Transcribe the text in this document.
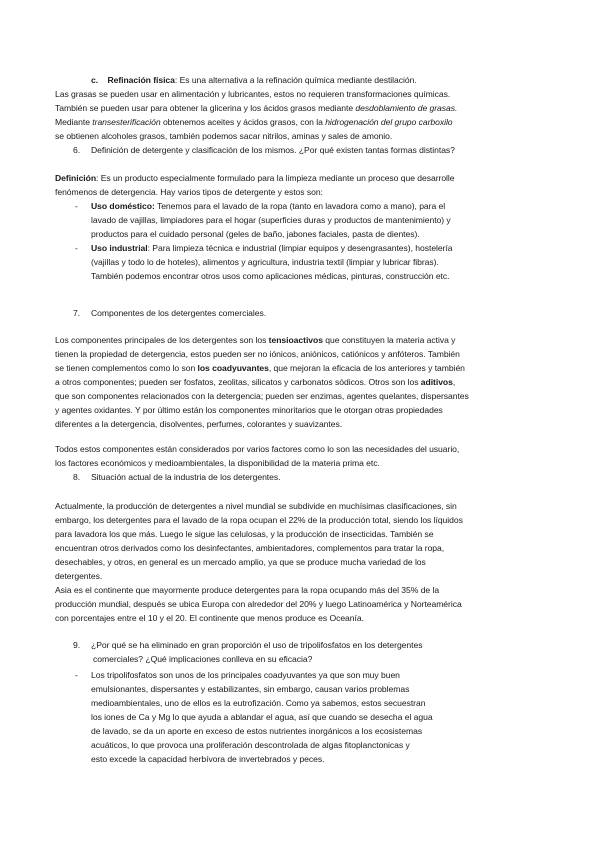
c. Refinación física: Es una alternativa a la refinación química mediante destilación.
Las grasas se pueden usar en alimentación y lubricantes, estos no requieren transformaciones químicas.
También se pueden usar para obtener la glicerina y los ácidos grasos mediante desdoblamiento de grasas.
Mediante transesterificación obtenemos aceites y ácidos grasos, con la hidrogenación del grupo carboxilo
se obtienen alcoholes grasos, también podemos sacar nitrilos, aminas y sales de amonio.
6. Definición de detergente y clasificación de los mismos. ¿Por qué existen tantas formas distintas?
Definición: Es un producto especialmente formulado para la limpieza mediante un proceso que desarrolle
fenómenos de detergencia. Hay varios tipos de detergente y estos son:
- Uso doméstico: Tenemos para el lavado de la ropa (tanto en lavadora como a mano), para el
lavado de vajillas, limpiadores para el hogar (superficies duras y productos de mantenimiento) y
productos para el cuidado personal (geles de baño, jabones faciales, pasta de dientes).
- Uso industrial: Para limpieza técnica e industrial (limpiar equipos y desengrasantes), hostelería
(vajillas y todo lo de hoteles), alimentos y agricultura, industria textil (limpiar y lubricar fibras).
También podemos encontrar otros usos como aplicaciones médicas, pinturas, construcción etc.
7. Componentes de los detergentes comerciales.
Los componentes principales de los detergentes son los tensioactivos que constituyen la materia activa y
tienen la propiedad de detergencia, estos pueden ser no iónicos, aniónicos, catiónicos y anfóteros. También
se tienen complementos como lo son los coadyuvantes, que mejoran la eficacia de los anteriores y también
a otros componentes; pueden ser fosfatos, zeolitas, silicatos y carbonatos sódicos. Otros son los aditivos,
que son componentes relacionados con la detergencia; pueden ser enzimas, agentes quelantes, dispersantes
y agentes oxidantes. Y por último están los componentes minoritarios que le otorgan otras propiedades
diferentes a la detergencia, disolventes, perfumes, colorantes y suavizantes.
Todos estos componentes están considerados por varios factores como lo son las necesidades del usuario,
los factores económicos y medioambientales, la disponibilidad de la materia prima etc.
8. Situación actual de la industria de los detergentes.
Actualmente, la producción de detergentes a nivel mundial se subdivide en muchísimas clasificaciones, sin
embargo, los detergentes para el lavado de la ropa ocupan el 22% de la producción total, siendo los líquidos
para lavadora los que más. Luego le sigue las celulosas, y la producción de insecticidas. También se
encuentran otros derivados como los desinfectantes, ambientadores, complementos para tratar la ropa,
desechables, y otros, en general es un mercado amplio, ya que se produce mucha variedad de los
detergentes.
Asia es el continente que mayormente produce detergentes para la ropa ocupando más del 35% de la
producción mundial, después se ubica Europa con alrededor del 20% y luego Latinoamérica y Norteamérica
con porcentajes entre el 10 y el 20. El continente que menos produce es Oceanía.
9. ¿Por qué se ha eliminado en gran proporción el uso de tripolifosfatos en los detergentes
comerciales? ¿Qué implicaciones conlleva en su eficacia?
- Los tripolifosfatos son unos de los principales coadyuvantes ya que son muy buen
emulsionantes, dispersantes y estabilizantes, sin embargo, causan varios problemas
medioambientales, uno de ellos es la eutrofización. Como ya sabemos, estos secuestran
los iones de Ca y Mg lo que ayuda a ablandar el agua, así que cuando se desecha el agua
de lavado, se da un aporte en exceso de estos nutrientes inorgánicos a los ecosistemas
acuáticos, lo que provoca una proliferación descontrolada de algas fitoplanctonicas y
esto excede la capacidad herbívora de invertebrados y peces.
